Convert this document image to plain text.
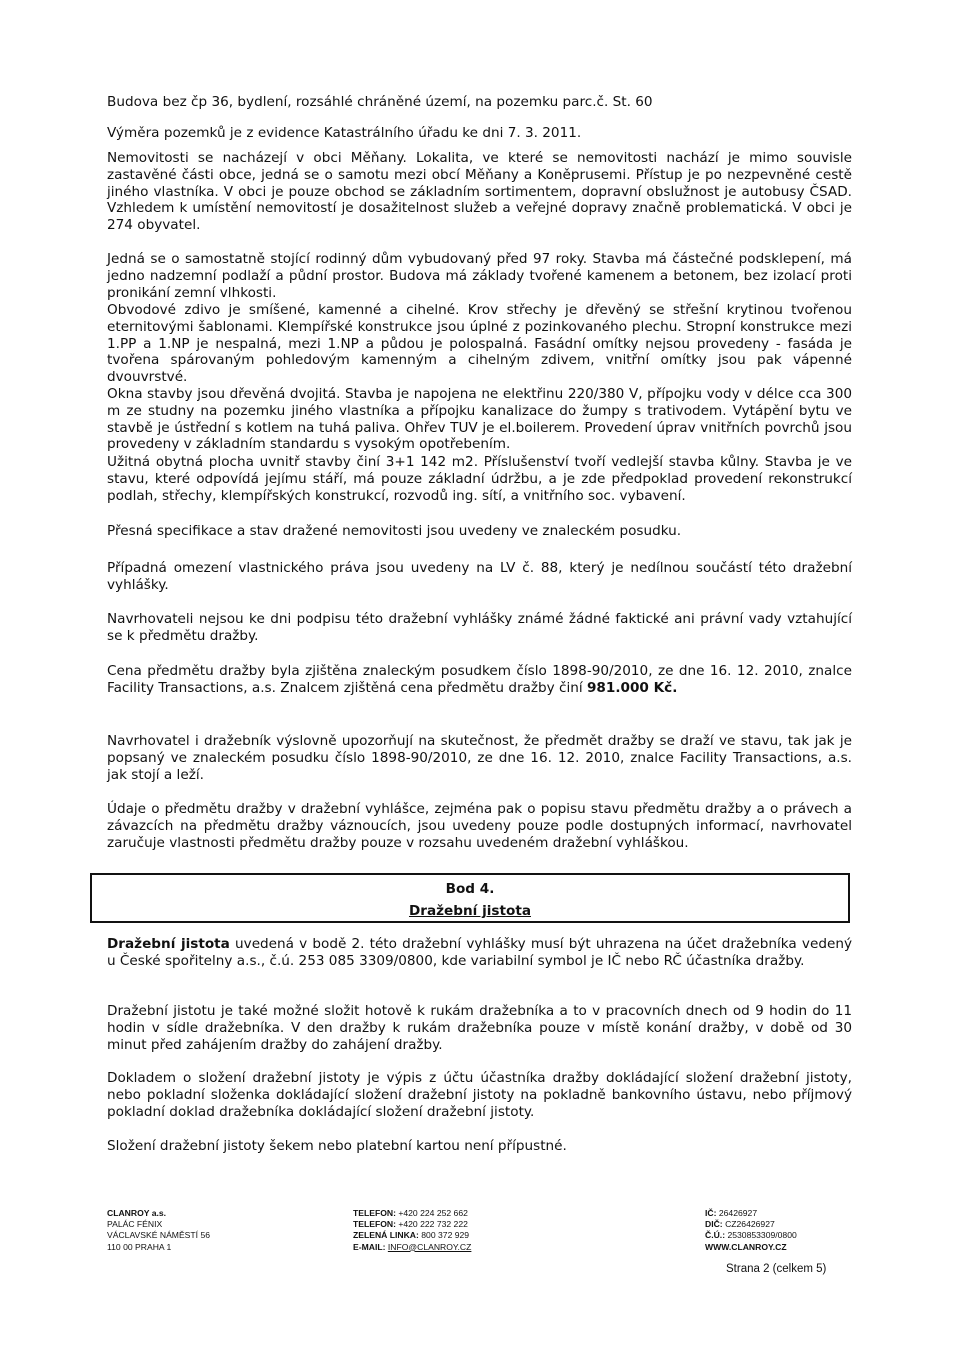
Budova bez čp 36, bydlení, rozsáhlé chráněné území, na pozemku parc.č. St. 60

Výměra pozemků je z evidence Katastrálního úřadu ke dni 7. 3. 2011.

Nemovitosti se nacházejí v obci Měňany. Lokalita, ve které se nemovitosti nachází je mimo souvisle zastavěné části obce, jedná se o samotu mezi obcí Měňany a Koněprusemi. Přístup je po nezpevněné cestě jiného vlastníka. V obci je pouze obchod se základním sortimentem, dopravní obslužnost je autobusy ČSAD. Vzhledem k umístění nemovitostí je dosažitelnost služeb a veřejné dopravy značně problematická. V obci je 274 obyvatel.

Jedná se o samostatně stojící rodinný dům vybudovaný před 97 roky. Stavba má částečné podsklepení, má jedno nadzemní podlaží a půdní prostor. Budova má základy tvořené kamenem a betonem, bez izolací proti pronikání zemní vlhkosti.

Obvodové zdivo je smíšené, kamenné a cihelné. Krov střechy je dřevěný se střešní krytinou tvořenou eternitovými šablonami. Klempířské konstrukce jsou úplné z pozinkovaného plechu. Stropní konstrukce mezi 1.PP a 1.NP je nespalná, mezi 1.NP a půdou je polospalná. Fasádní omítky nejsou provedeny - fasáda je tvořena spárovaným pohledovým kamenným a cihelným zdivem, vnitřní omítky jsou pak vápenné dvouvrstvé.

Okna stavby jsou dřevěná dvojitá. Stavba je napojena ne elektřinu 220/380 V, přípojku vody v délce cca 300 m ze studny na pozemku jiného vlastníka a přípojku kanalizace do žumpy s trativodem. Vytápění bytu ve stavbě je ústřední s kotlem na tuhá paliva. Ohřev TUV je el.boilerem. Provedení úprav vnitřních povrchů jsou provedeny v základním standardu s vysokým opotřebením.

Užitná obytná plocha uvnitř stavby činí 3+1 142 m2. Příslušenství tvoří vedlejší stavba kůlny. Stavba je ve stavu, které odpovídá jejímu stáří, má pouze základní údržbu, a je zde předpoklad provedení rekonstrukcí podlah, střechy, klempířských konstrukcí, rozvodů ing. sítí, a vnitřního soc. vybavení.

Přesná specifikace a stav dražené nemovitosti jsou uvedeny ve znaleckém posudku.

Případná omezení vlastnického práva jsou uvedeny na LV č. 88, který je nedílnou součástí této dražební vyhlášky.

Navrhovateli nejsou ke dni podpisu této dražební vyhlášky známé žádné faktické ani právní vady vztahující se k předmětu dražby.

Cena předmětu dražby byla zjištěna znaleckým posudkem číslo 1898-90/2010, ze dne 16. 12. 2010, znalce Facility Transactions, a.s. Znalcem zjištěná cena předmětu dražby činí 981.000 Kč.

Navrhovatel i dražebník výslovně upozorňují na skutečnost, že předmět dražby se draží ve stavu, tak jak je popsaný ve znaleckém posudku číslo 1898-90/2010, ze dne 16. 12. 2010, znalce Facility Transactions, a.s. jak stojí a leží.

Údaje o předmětu dražby v dražební vyhlášce, zejména pak o popisu stavu předmětu dražby a o právech a závazcích na předmětu dražby váznoucích, jsou uvedeny pouze podle dostupných informací, navrhovatel zaručuje vlastnosti předmětu dražby pouze v rozsahu uvedeném dražební vyhláškou.

Bod 4.
Dražební jistota

Dražební jistota uvedená v bodě 2. této dražební vyhlášky musí být uhrazena na účet dražebníka vedený u České spořitelny a.s., č.ú. 253 085 3309/0800, kde variabilní symbol je IČ nebo RČ účastníka dražby.

Dražební jistotu je také možné složit hotově k rukám dražebníka a to v pracovních dnech od 9 hodin do 11 hodin v sídle dražebníka. V den dražby k rukám dražebníka pouze v místě konání dražby, v době od 30 minut před zahájením dražby do zahájení dražby.

Dokladem o složení dražební jistoty je výpis z účtu účastníka dražby dokládající složení dražební jistoty, nebo pokladní složenka dokládající složení dražební jistoty na pokladně bankovního ústavu, nebo příjmový pokladní doklad dražebníka dokládající složení dražební jistoty.

Složení dražební jistoty šekem nebo platební kartou není přípustné.

CLANROY a.s.
PALÁC FÉNIX
VÁCLAVSKÉ NÁMĚSTÍ 56
110 00 PRAHA 1
TELEFON: +420 224 252 662
TELEFON: +420 222 732 222
ZELENÁ LINKA: 800 372 929
E-MAIL: INFO@CLANROY.CZ
IČ: 26426927
DIČ: CZ26426927
Č.Ú.: 2530853309/0800
WWW.CLANROY.CZ
Strana 2 (celkem 5)
